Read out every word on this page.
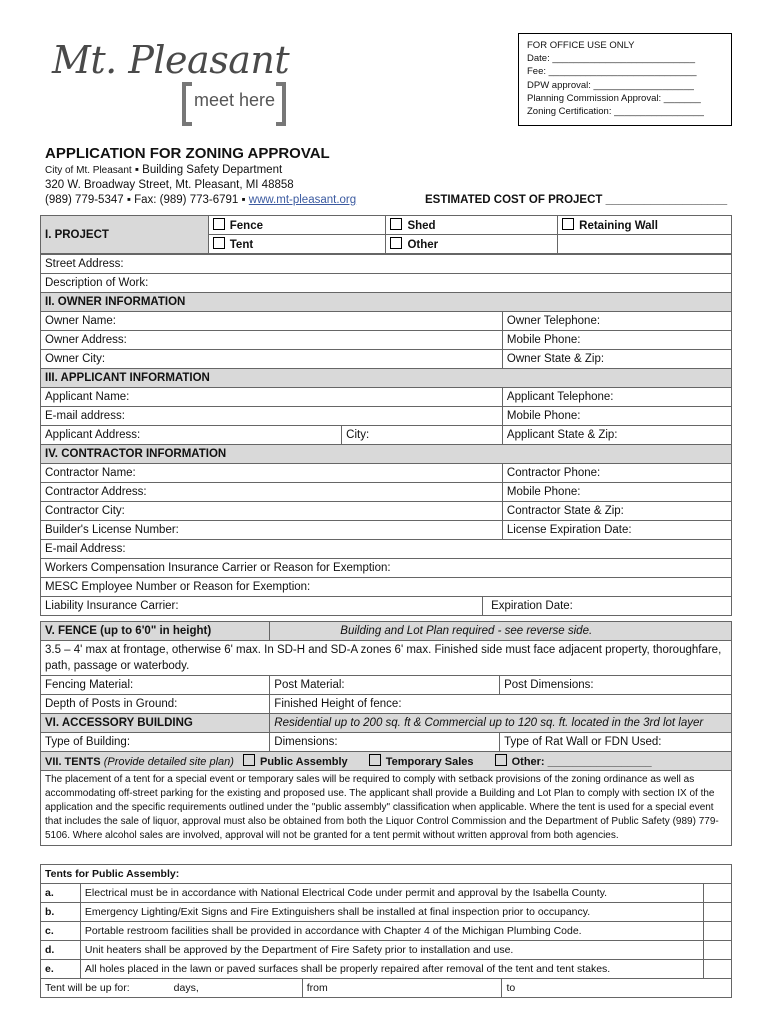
Mt. Pleasant
meet here
FOR OFFICE USE ONLY
Date: ___________________________
Fee: ____________________________
DPW approval: ___________________
Planning Commission Approval: _______
Zoning Certification: _________________
APPLICATION FOR ZONING APPROVAL
City of Mt. Pleasant ▪ Building Safety Department
320 W. Broadway Street, Mt. Pleasant, MI 48858
(989) 779-5347 ▪ Fax: (989) 773-6791 ▪ www.mt-pleasant.org	ESTIMATED COST OF PROJECT ___________________
I. PROJECT	Fence	Shed	Retaining Wall
	Tent	Other	
Street Address:			
Description of Work:			
II. OWNER INFORMATION			
Owner Name:			Owner Telephone:
Owner Address:			Mobile Phone:
Owner City:			Owner State & Zip:
III. APPLICANT INFORMATION			
Applicant Name:			Applicant Telephone:
E-mail address:			Mobile Phone:
Applicant Address:	City:		Applicant State & Zip:
IV. CONTRACTOR INFORMATION			
Contractor Name:			Contractor Phone:
Contractor Address:			Mobile Phone:
Contractor City:			Contractor State & Zip:
Builder's License Number:			License Expiration Date:
E-mail Address:			
Workers Compensation Insurance Carrier or Reason for Exemption:			
MESC Employee Number or Reason for Exemption:			
Liability Insurance Carrier:		Expiration Date:	
V. FENCE (up to 6'0" in height)	Building and Lot Plan required - see reverse side.	
3.5 – 4' max at frontage, otherwise 6' max. In SD-H and SD-A zones 6' max. Finished side must face adjacent property, thoroughfare, path, passage or waterbody.		
Fencing Material:	Post Material:	Post Dimensions:
Depth of Posts in Ground:	Finished Height of fence:	
VI. ACCESSORY BUILDING	Residential up to 200 sq. ft & Commercial up to 120 sq. ft. located in the 3rd lot layer	
Type of Building:	Dimensions:	Type of Rat Wall or FDN Used:
VII. TENTS (Provide detailed site plan) Public Assembly Temporary Sales Other: _________________		
The placement of a tent for a special event or temporary sales will be required to comply with setback provisions of the zoning ordinance as well as accommodating off-street parking for the existing and proposed use. The applicant shall provide a Building and Lot Plan to comply with section IX of the application and the specific requirements outlined under the "public assembly" classification when applicable. Where the tent is used for a special event that includes the sale of liquor, approval must also be obtained from both the Liquor Control Commission and the Department of Public Safety (989) 779-5106. Where alcohol sales are involved, approval will not be granted for a tent permit without written approval from both agencies.		
Tents for Public Assembly:				
a.	Electrical must be in accordance with National Electrical Code under permit and approval by the Isabella County.			
b.	Emergency Lighting/Exit Signs and Fire Extinguishers shall be installed at final inspection prior to occupancy.			
c.	Portable restroom facilities shall be provided in accordance with Chapter 4 of the Michigan Plumbing Code.			
d.	Unit heaters shall be approved by the Department of Fire Safety prior to installation and use.			
e.	All holes placed in the lawn or paved surfaces shall be properly repaired after removal of the tent and tent stakes.			
Tent will be up for: days,		from	to	
